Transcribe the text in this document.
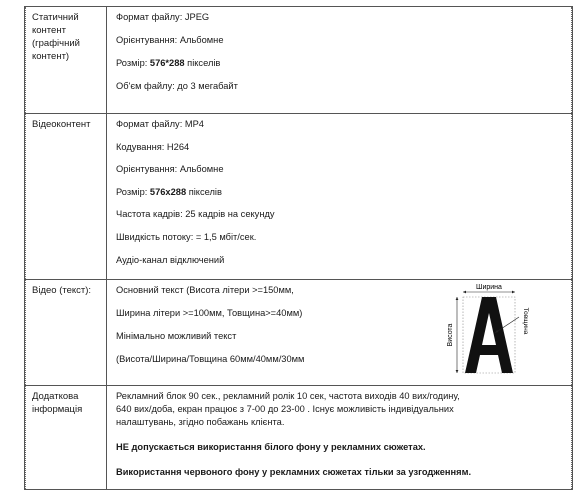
Статичний контент (графічний контент)

Формат файлу: JPEG

Орієнтування: Альбомне

Розмір: 576*288 пікселів

Об'єм файлу: до 3 мегабайт

Відеоконтент	Формат файлу: MP4

Кодування: H264

Орієнтування: Альбомне

Розмір: 576х288 пікселів

Частота кадрів: 25 кадрів на секунду

Швидкість потоку: = 1,5 мбіт/сек.

Аудіо-канал відключений

Відео (текст):	Основний текст (Висота літери >=150мм,

Ширина літери >=100мм, Товщина>=40мм)

Мінімально можливий текст

(Висота/Ширина/Товщина 60мм/40мм/30мм

Ширина
Висота
Товщина
Додаткова інформація
Рекламний блок 90 сек., рекламний ролік 10 сек, частота виходів 40 вих/годину, 640 вих/доба, екран працює з 7-00 до 23-00 . Існує можливість індивідуальних налаштувань, згідно побажань клієнта.
НЕ допускається використання білого фону у рекламних сюжетах.
Використання червоного фону у рекламних сюжетах тільки за узгодженням.
